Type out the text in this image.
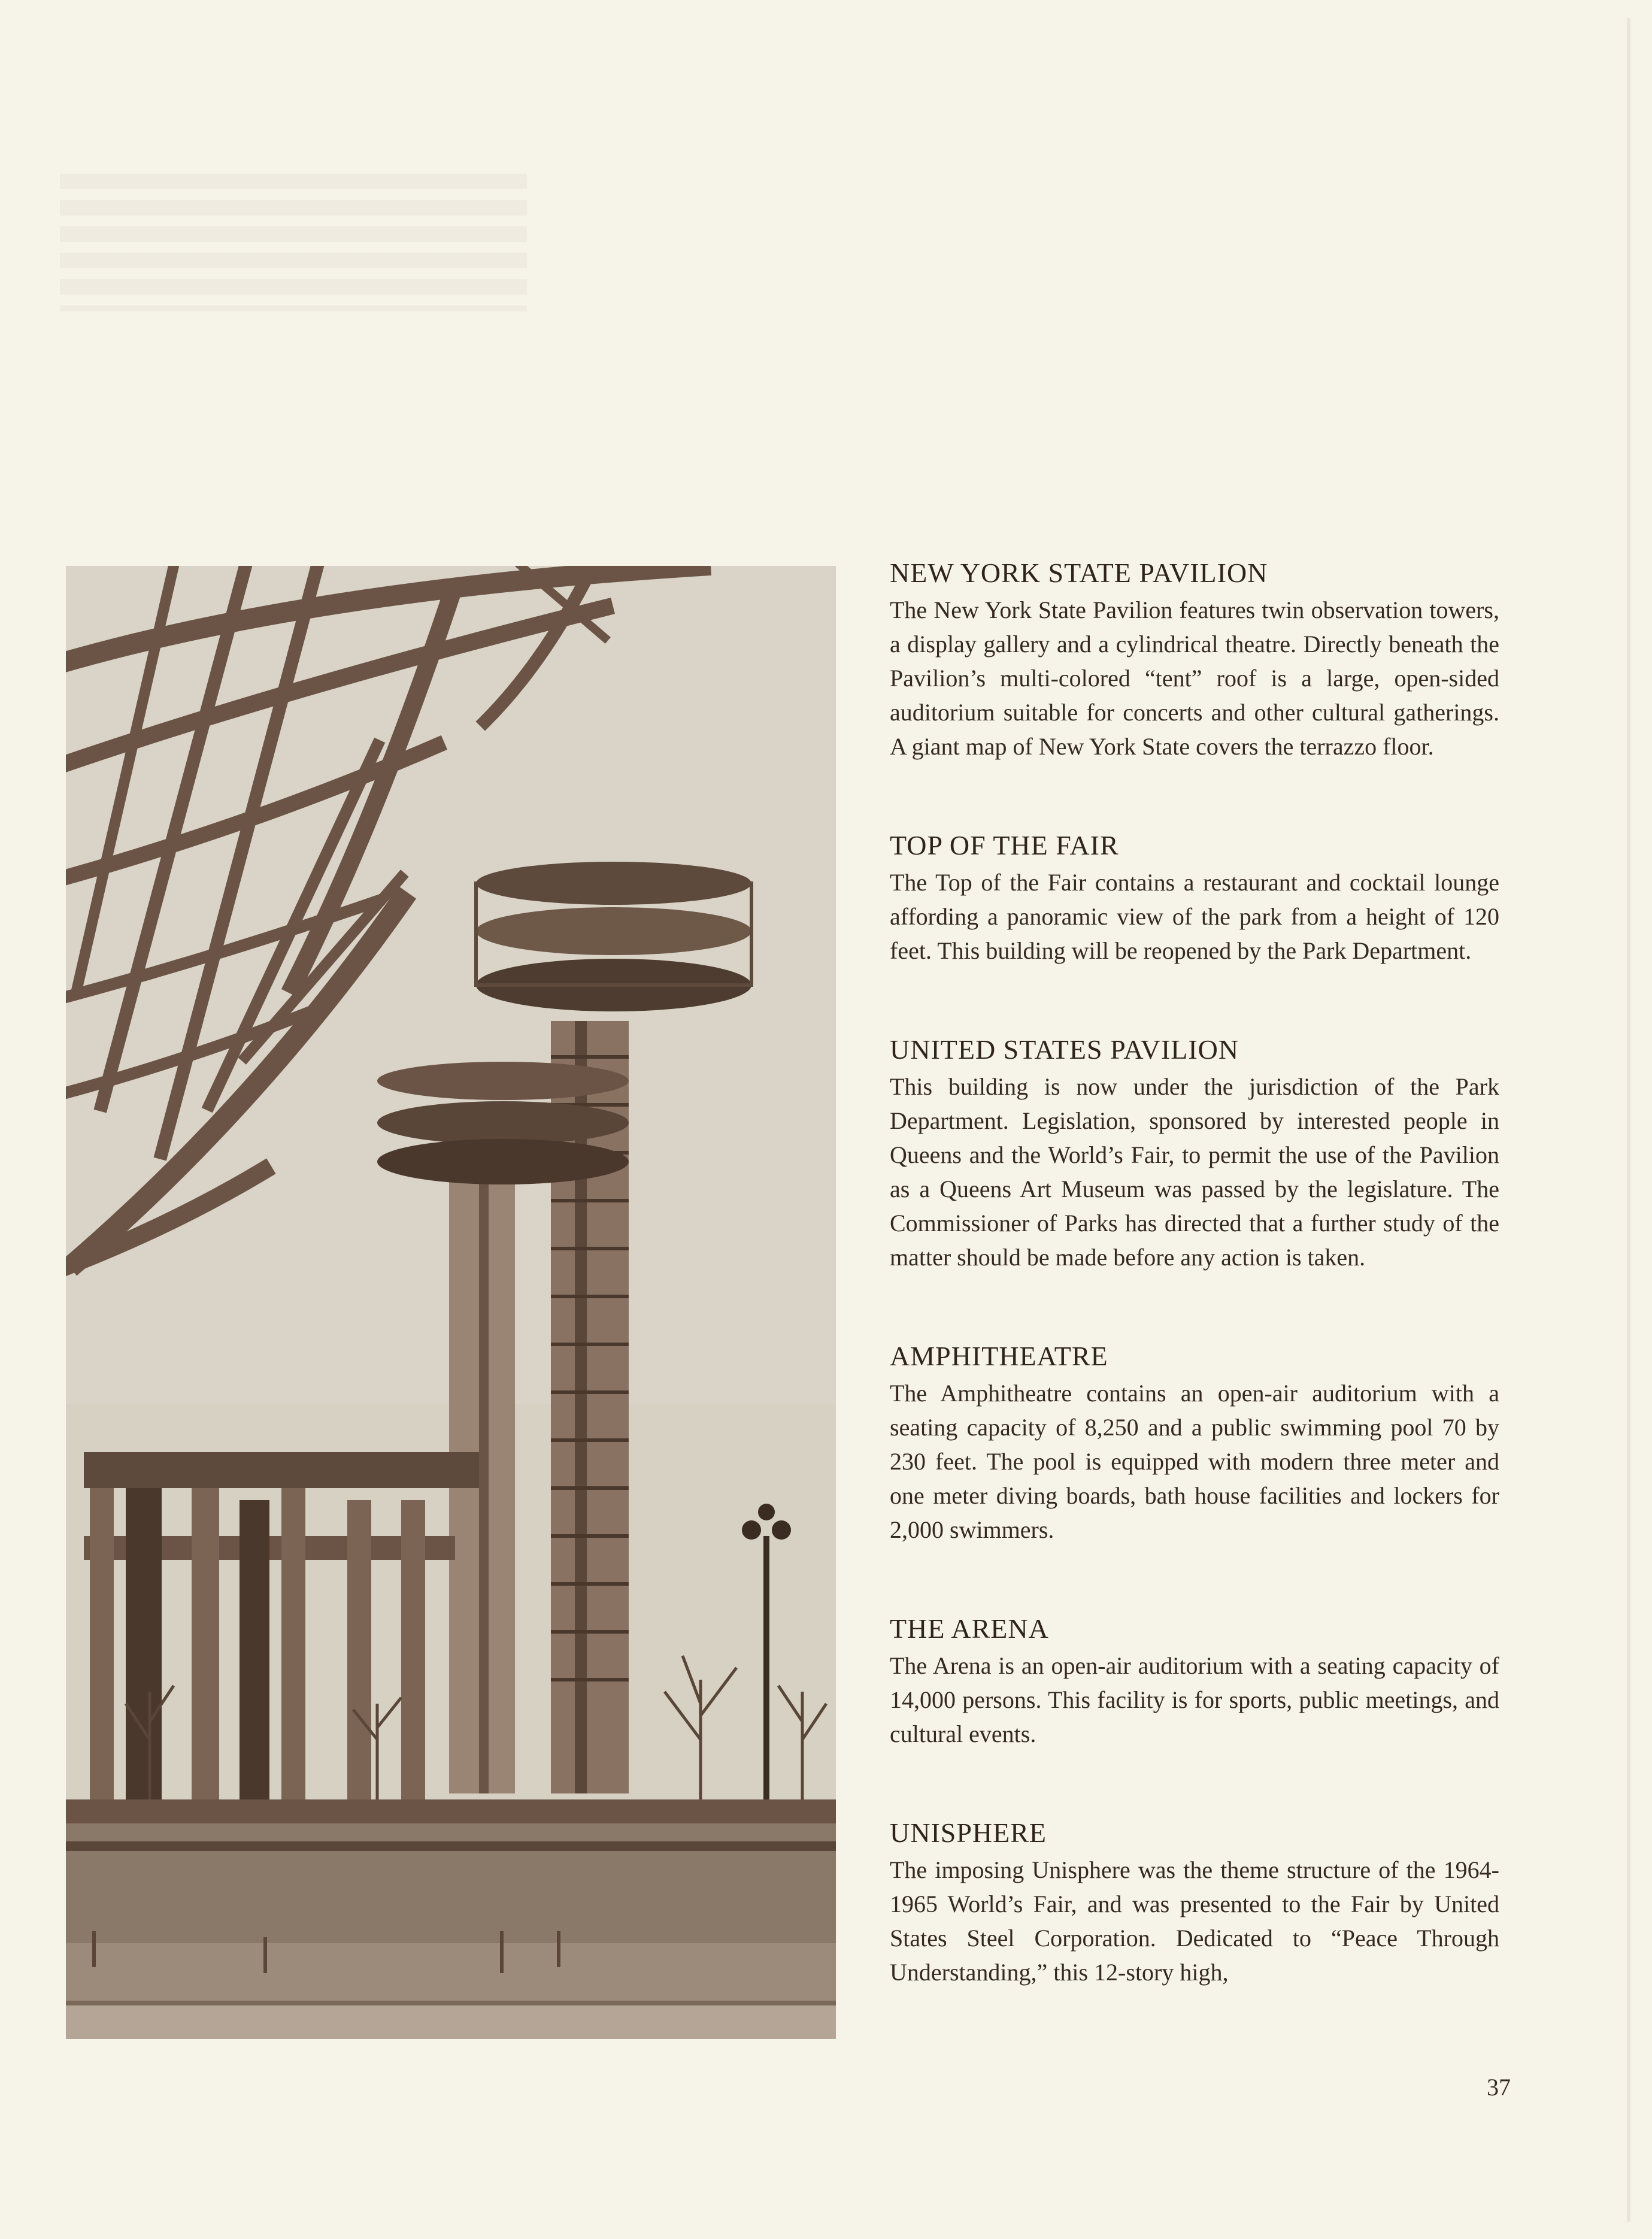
NEW YORK STATE PAVILION
The New York State Pavilion features twin observation towers, a display gallery and a cylindrical theatre. Directly beneath the Pavilion’s multi-colored “tent” roof is a large, open-sided auditorium suitable for concerts and other cultural gatherings. A giant map of New York State covers the terrazzo floor.
TOP OF THE FAIR
The Top of the Fair contains a restaurant and cocktail lounge affording a panoramic view of the park from a height of 120 feet. This building will be reopened by the Park Department.
UNITED STATES PAVILION
This building is now under the jurisdiction of the Park Department. Legislation, sponsored by interested people in Queens and the World’s Fair, to permit the use of the Pavilion as a Queens Art Museum was passed by the legislature. The Commissioner of Parks has directed that a further study of the matter should be made before any action is taken.
AMPHITHEATRE
The Amphitheatre contains an open-air auditorium with a seating capacity of 8,250 and a public swimming pool 70 by 230 feet. The pool is equipped with modern three meter and one meter diving boards, bath house facilities and lockers for 2,000 swimmers.
THE ARENA
The Arena is an open-air auditorium with a seating capacity of 14,000 persons. This facility is for sports, public meetings, and cultural events.
UNISPHERE
The imposing Unisphere was the theme structure of the 1964-1965 World’s Fair, and was presented to the Fair by United States Steel Corporation. Dedicated to “Peace Through Understanding,” this 12-story high,
37
